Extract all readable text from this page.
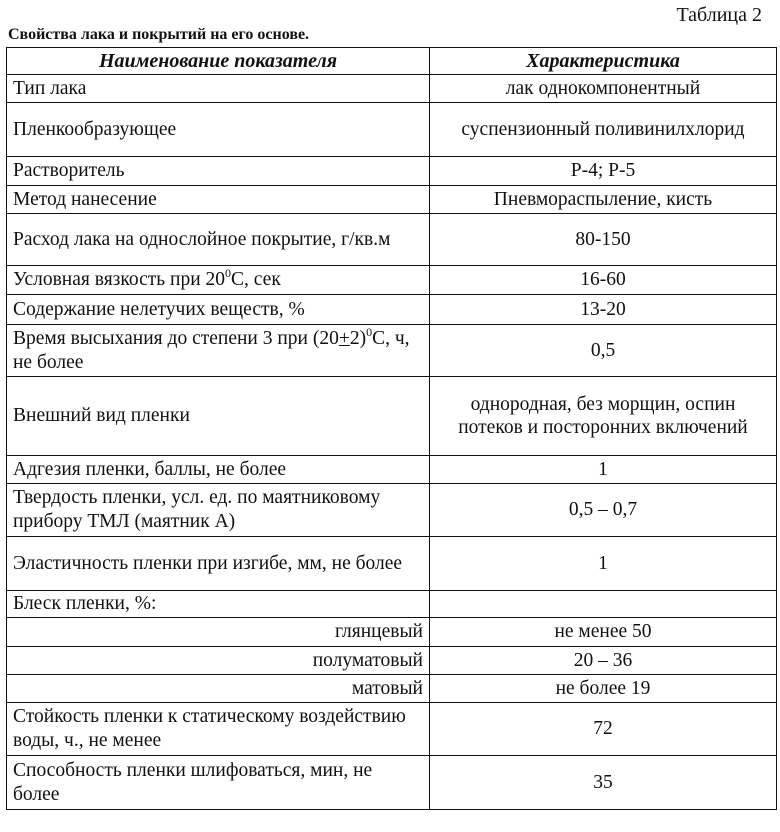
Таблица 2
Свойства лака и покрытий на его основе.
Наименование показателя	Характеристика
Тип лака	лак однокомпонентный
Пленкообразующее	суспензионный поливинилхлорид
Растворитель	Р-4; Р-5
Метод нанесение	Пневмораспыление, кисть
Расход лака на однослойное покрытие, г/кв.м	80-150
Условная вязкость при $20^0С$, сек	16-60
Содержание нелетучих веществ, %	13-20
Время высыхания до степени 3 при $(20+2)^0С$, ч, не более	0,5
Внешний вид пленки	однородная, без морщин, оспин потеков и посторонних включений
Адгезия пленки, баллы, не более	1
Твердость пленки, усл. ед. по маятниковому прибору ТМЛ (маятник А)	0,5 – 0,7
Эластичность пленки при изгибе, мм, не более	1
Блеск пленки, %:	
глянцевый	не менее 50
полуматовый	20 – 36
матовый	не более 19
Стойкость пленки к статическому воздействию воды, ч., не менее	72
Способность пленки шлифоваться, мин, не более	35
